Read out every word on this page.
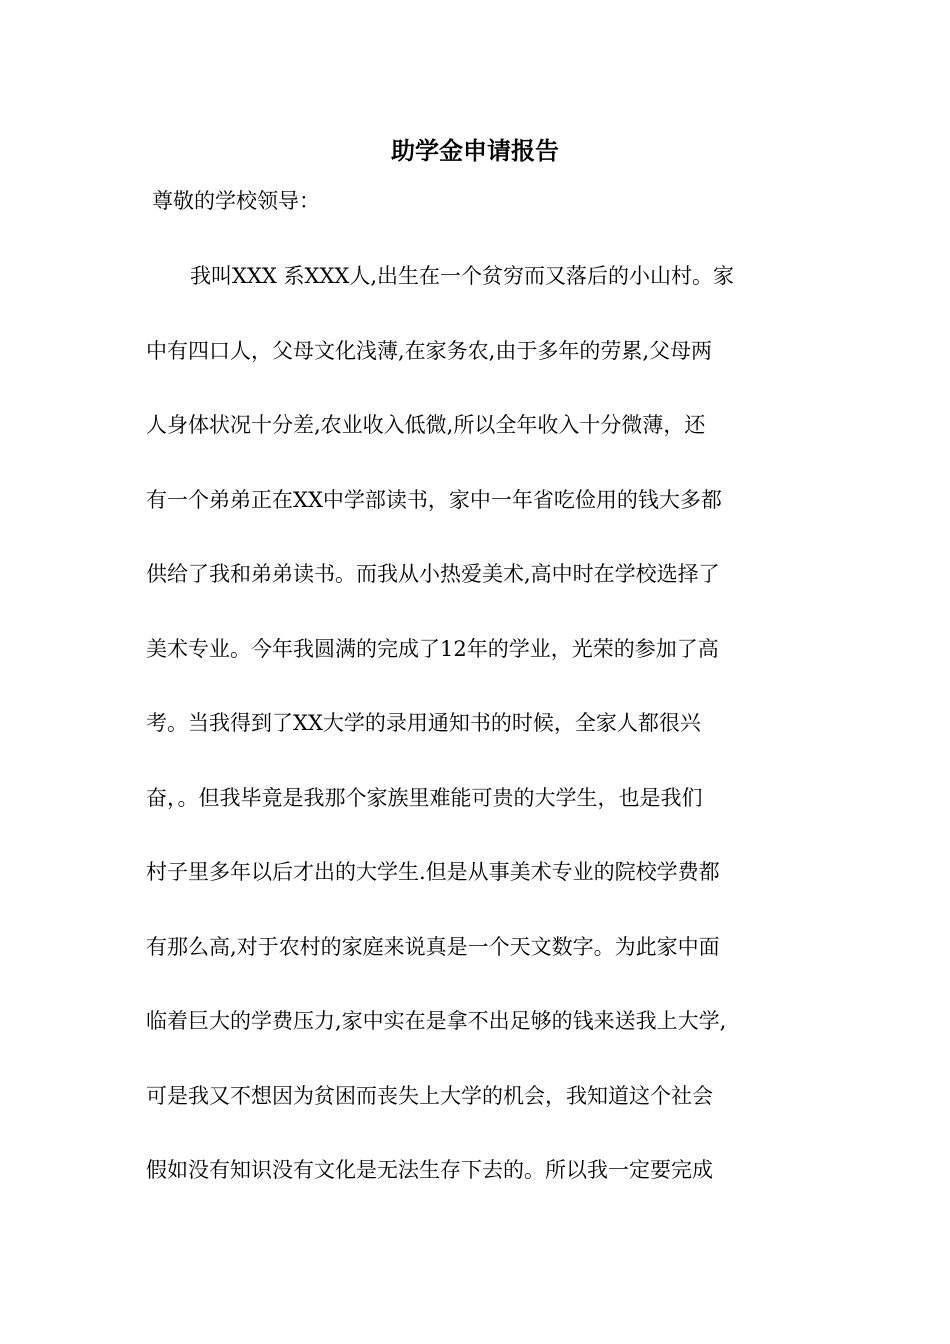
助学金申请报告
尊敬的学校领导：
我叫XXX 系XXX人,出生在一个贫穷而又落后的小山村。家
中有四口人，父母文化浅薄,在家务农,由于多年的劳累,父母两
人身体状况十分差,农业收入低微,所以全年收入十分微薄，还
有一个弟弟正在XX中学部读书，家中一年省吃俭用的钱大多都
供给了我和弟弟读书。而我从小热爱美术,高中时在学校选择了
美术专业。今年我圆满的完成了12年的学业，光荣的参加了高
考。当我得到了XX大学的录用通知书的时候，全家人都很兴
奋，。但我毕竟是我那个家族里难能可贵的大学生，也是我们
村子里多年以后才出的大学生.但是从事美术专业的院校学费都
有那么高,对于农村的家庭来说真是一个天文数字。为此家中面
临着巨大的学费压力,家中实在是拿不出足够的钱来送我上大学,
可是我又不想因为贫困而丧失上大学的机会，我知道这个社会
假如没有知识没有文化是无法生存下去的。所以我一定要完成
